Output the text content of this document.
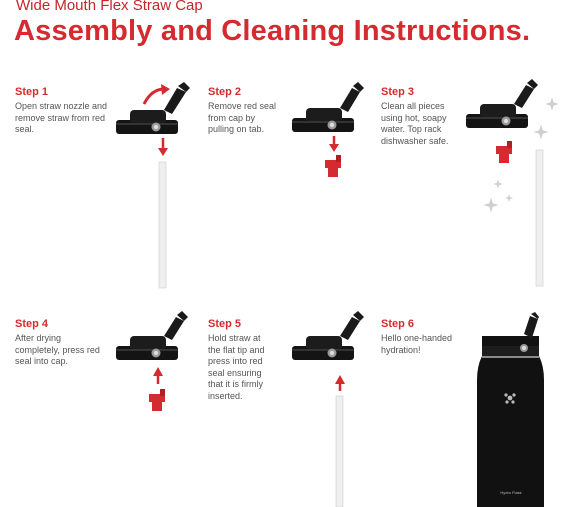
Wide Mouth Flex Straw Cap
Assembly and Cleaning Instructions.
Step 1
Open straw nozzle and remove straw from red seal.
Step 2
Remove red seal from cap by pulling on tab.
Step 3
Clean all pieces using hot, soapy water. Top rack dishwasher safe.
Step 4
After drying completely, press red seal into cap.
Step 5
Hold straw at the flat tip and press into red seal ensuring that it is firmly inserted.
Step 6
Hello one-handed hydration!
Hydro Flask
